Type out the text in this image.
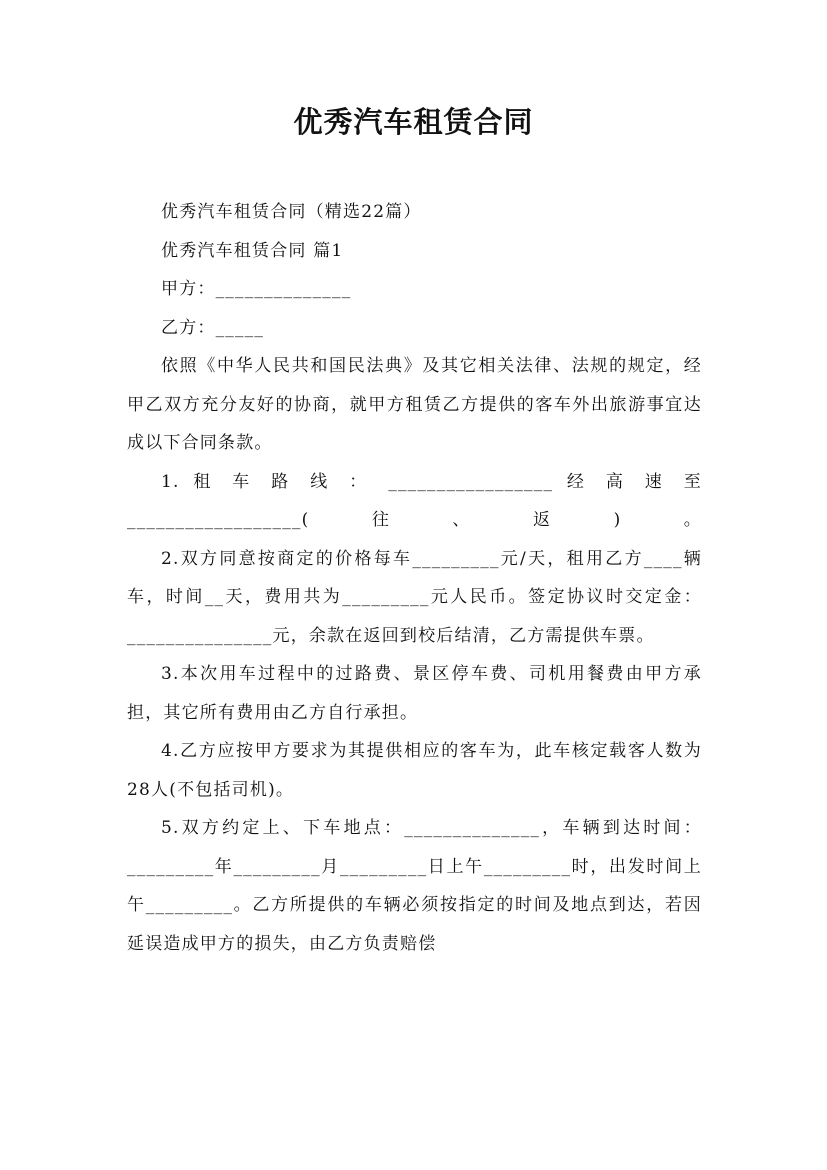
优秀汽车租赁合同

优秀汽车租赁合同（精选22篇）

优秀汽车租赁合同 篇1

甲方：______________

乙方：_____

依照《中华人民共和国民法典》及其它相关法律、法规的规定，经甲乙双方充分友好的协商，就甲方租赁乙方提供的客车外出旅游事宜达成以下合同条款。

1. 租 车 路 线 ： _________________ 经 高 速 至 __________________(往、返)。

2.双方同意按商定的价格每车_________元/天，租用乙方____辆车，时间__天，费用共为_________元人民币。签定协议时交定金：_______________元，余款在返回到校后结清，乙方需提供车票。

3.本次用车过程中的过路费、景区停车费、司机用餐费由甲方承担，其它所有费用由乙方自行承担。

4.乙方应按甲方要求为其提供相应的客车为，此车核定载客人数为28人(不包括司机)。

5.双方约定上、下车地点：______________，车辆到达时间：_________年_________月_________日上午_________时，出发时间上午_________。乙方所提供的车辆必须按指定的时间及地点到达，若因延误造成甲方的损失，由乙方负责赔偿
